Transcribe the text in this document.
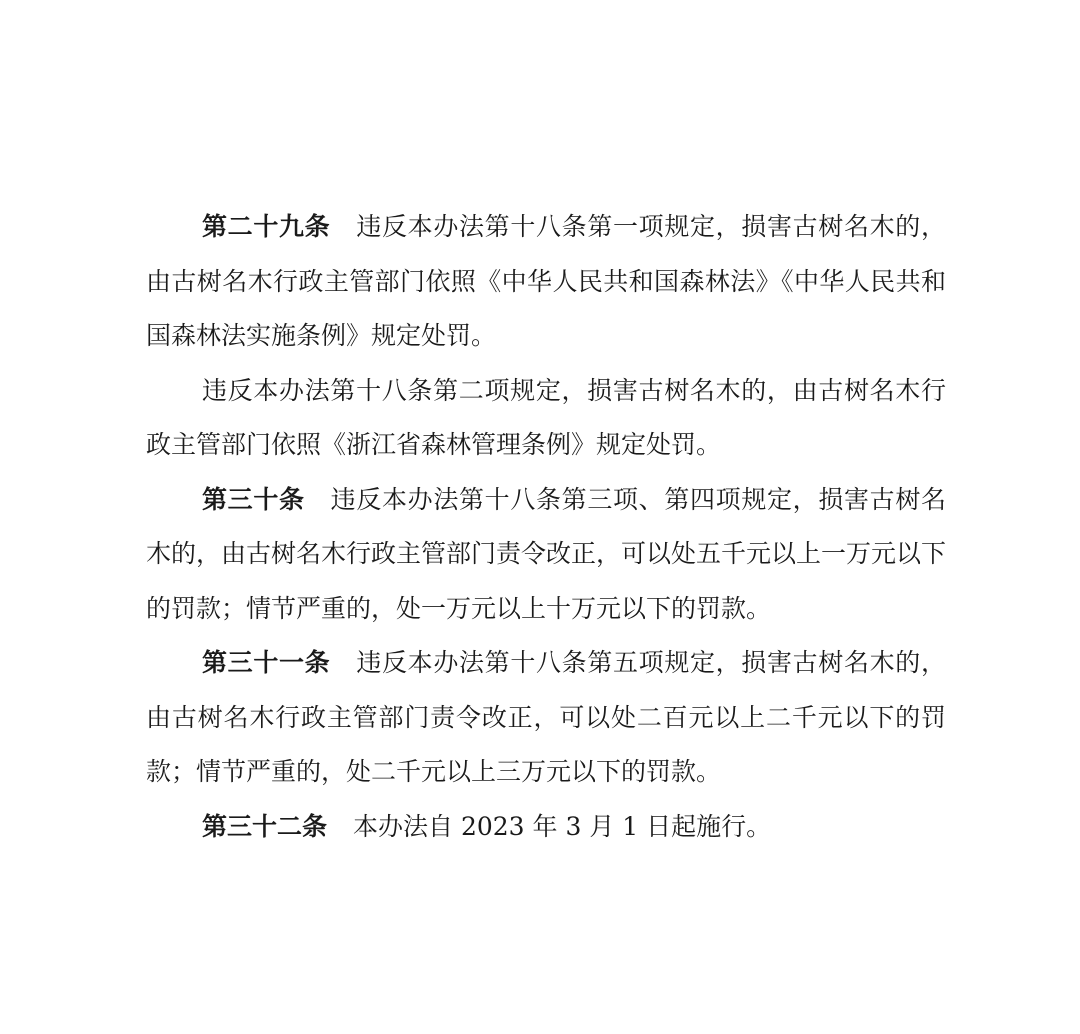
第二十九条 违反本办法第十八条第一项规定，损害古树名木的，由古树名木行政主管部门依照《中华人民共和国森林法》《中华人民共和国森林法实施条例》规定处罚。

违反本办法第十八条第二项规定，损害古树名木的，由古树名木行政主管部门依照《浙江省森林管理条例》规定处罚。

第三十条 违反本办法第十八条第三项、第四项规定，损害古树名木的，由古树名木行政主管部门责令改正，可以处五千元以上一万元以下的罚款；情节严重的，处一万元以上十万元以下的罚款。

第三十一条 违反本办法第十八条第五项规定，损害古树名木的，由古树名木行政主管部门责令改正，可以处二百元以上二千元以下的罚款；情节严重的，处二千元以上三万元以下的罚款。

第三十二条 本办法自 2023 年 3 月 1 日起施行。
